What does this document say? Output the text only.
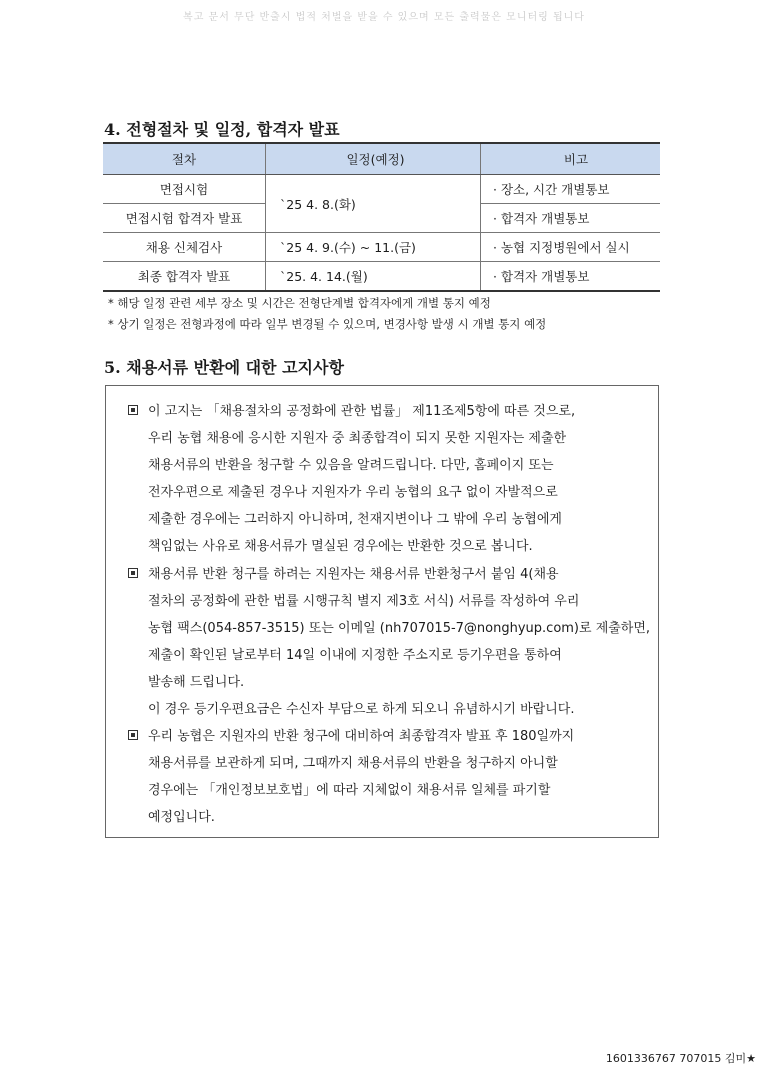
복고 문서 무단 반출시 법적 처벌을 받을 수 있으며 모든 출력물은 모니터링 됩니다
4. 전형절차 및 일정, 합격자 발표
절차	일정(예정)	비고
면접시험	`25 4. 8.(화)	· 장소, 시간 개별통보
면접시험 합격자 발표		· 합격자 개별통보
채용 신체검사	`25 4. 9.(수) ~ 11.(금)	· 농협 지정병원에서 실시
최종 합격자 발표	`25. 4. 14.(월)	· 합격자 개별통보
* 해당 일정 관련 세부 장소 및 시간은 전형단계별 합격자에게 개별 통지 예정
* 상기 일정은 전형과정에 따라 일부 변경될 수 있으며, 변경사항 발생 시 개별 통지 예정
5. 채용서류 반환에 대한 고지사항
이 고지는 「채용절차의 공정화에 관한 법률」 제11조제5항에 따른 것으로,
우리 농협 채용에 응시한 지원자 중 최종합격이 되지 못한 지원자는 제출한
채용서류의 반환을 청구할 수 있음을 알려드립니다. 다만, 홈페이지 또는
전자우편으로 제출된 경우나 지원자가 우리 농협의 요구 없이 자발적으로
제출한 경우에는 그러하지 아니하며, 천재지변이나 그 밖에 우리 농협에게
책임없는 사유로 채용서류가 멸실된 경우에는 반환한 것으로 봅니다.
채용서류 반환 청구를 하려는 지원자는 채용서류 반환청구서 붙임 4(채용
절차의 공정화에 관한 법률 시행규칙 별지 제3호 서식) 서류를 작성하여 우리
농협 팩스(054-857-3515) 또는 이메일 (nh707015-7@nonghyup.com)로 제출하면,
제출이 확인된 날로부터 14일 이내에 지정한 주소지로 등기우편을 통하여
발송해 드립니다.
이 경우 등기우편요금은 수신자 부담으로 하게 되오니 유념하시기 바랍니다.
우리 농협은 지원자의 반환 청구에 대비하여 최종합격자 발표 후 180일까지
채용서류를 보관하게 되며, 그때까지 채용서류의 반환을 청구하지 아니할
경우에는 「개인정보보호법」에 따라 지체없이 채용서류 일체를 파기할
예정입니다.
1601336767 707015 김미★
